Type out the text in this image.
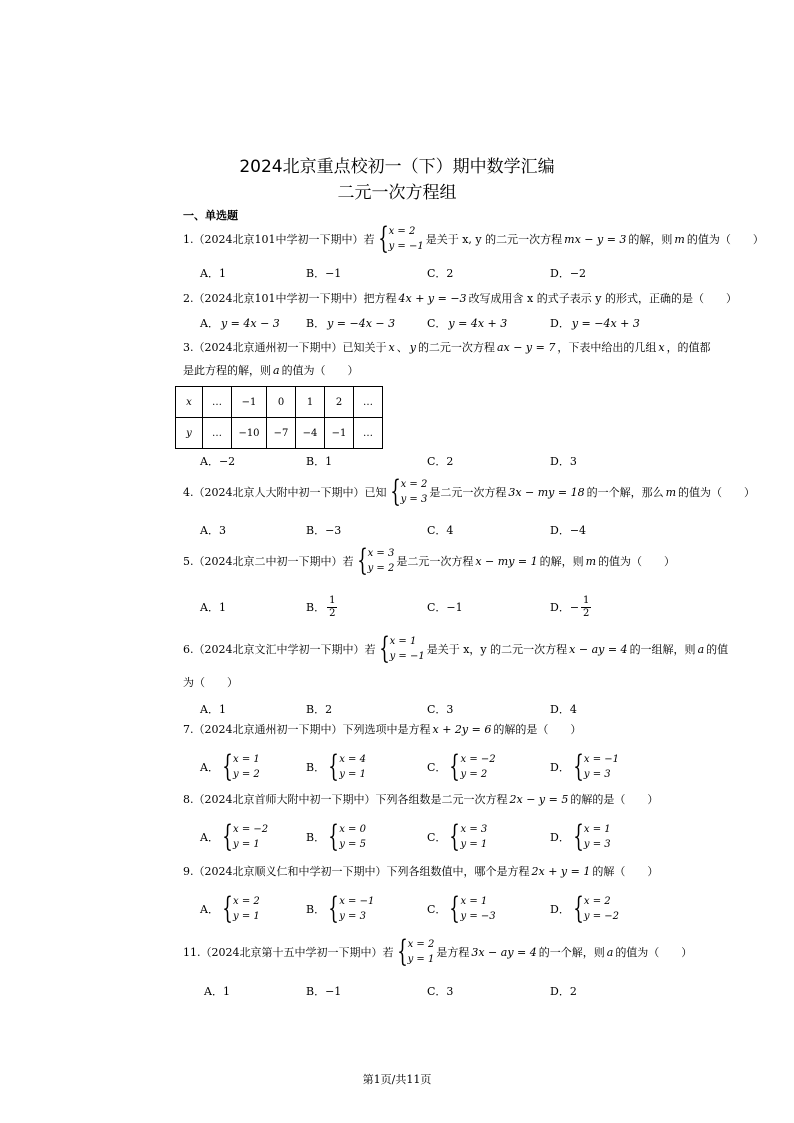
2024北京重点校初一（下）期中数学汇编
二元一次方程组
一、单选题
1. （2024北京101中学初一下期中） 若 { x = 2
y = −1
是关于 x, y 的二元一次方程 mx − y = 3 的解，则 m 的值为（　　）
A． 1	B． −1	C． 2	D． −2
2. （2024北京101中学初一下期中） 把方程 4x + y = −3 改写成用含 x 的式子表示 y 的形式，正确的是（　　）
A． y = 4x − 3 B． y = −4x − 3	C． y = 4x + 3	D． y = −4x + 3
3. （2024北京通州初一下期中） 已知关于 x 、 y 的二元一次方程 ax − y = 7 ，下表中给出的几组 x ，的值都
是此方程的解，则 a 的值为（　　）
x	…	−1	0	1	2	…
y	…	−10	−7	−4	−1	…
A． −2	B． 1	C． 2	D． 3
4. （2024北京人大附中初一下期中） 已知 { x = 2
y = 3
是二元一次方程 3x − my = 18 的一个解，那么 m 的值为（　　）
A． 3	B． −3	C． 4	D． −4
5. （2024北京二中初一下期中） 若 { x = 3
y = 2
是二元一次方程 x − my = 1 的解，则 m 的值为（　　）
A． 1	B． $\frac{1}{2}$	C． −1	D． − $\frac{1}{2}$
6. （2024北京文汇中学初一下期中） 若 { x = 1
y = −1
是关于 x，y 的二元一次方程 x − ay = 4 的一组解，则 a 的值
为（　　）
A． 1	B． 2	C． 3	D． 4
7. （2024北京通州初一下期中） 下列选项中是方程 x + 2y = 6 的解的是（　　）
A． { x = 1
y = 2
B． { x = 4
y = 1
C． { x = −2
y = 2
D． { x = −1
y = 3
8. （2024北京首师大附中初一下期中） 下列各组数是二元一次方程 2x − y = 5 的解的是（　　）
A． { x = −2
y = 1
B． { x = 0
y = 5
C． { x = 3
y = 1
D． { x = 1
y = 3
9. （2024北京顺义仁和中学初一下期中） 下列各组数值中，哪个是方程 2x + y = 1 的解（　　）
A． { x = 2
y = 1
B． { x = −1
y = 3
C． { x = 1
y = −3
D． { x = 2
y = −2
11. （2024北京第十五中学初一下期中） 若 { x = 2
y = 1
是方程 3x − ay = 4 的一个解，则 a 的值为（　　）
A． 1	B． −1	C． 3	D． 2
第1页/共11页
